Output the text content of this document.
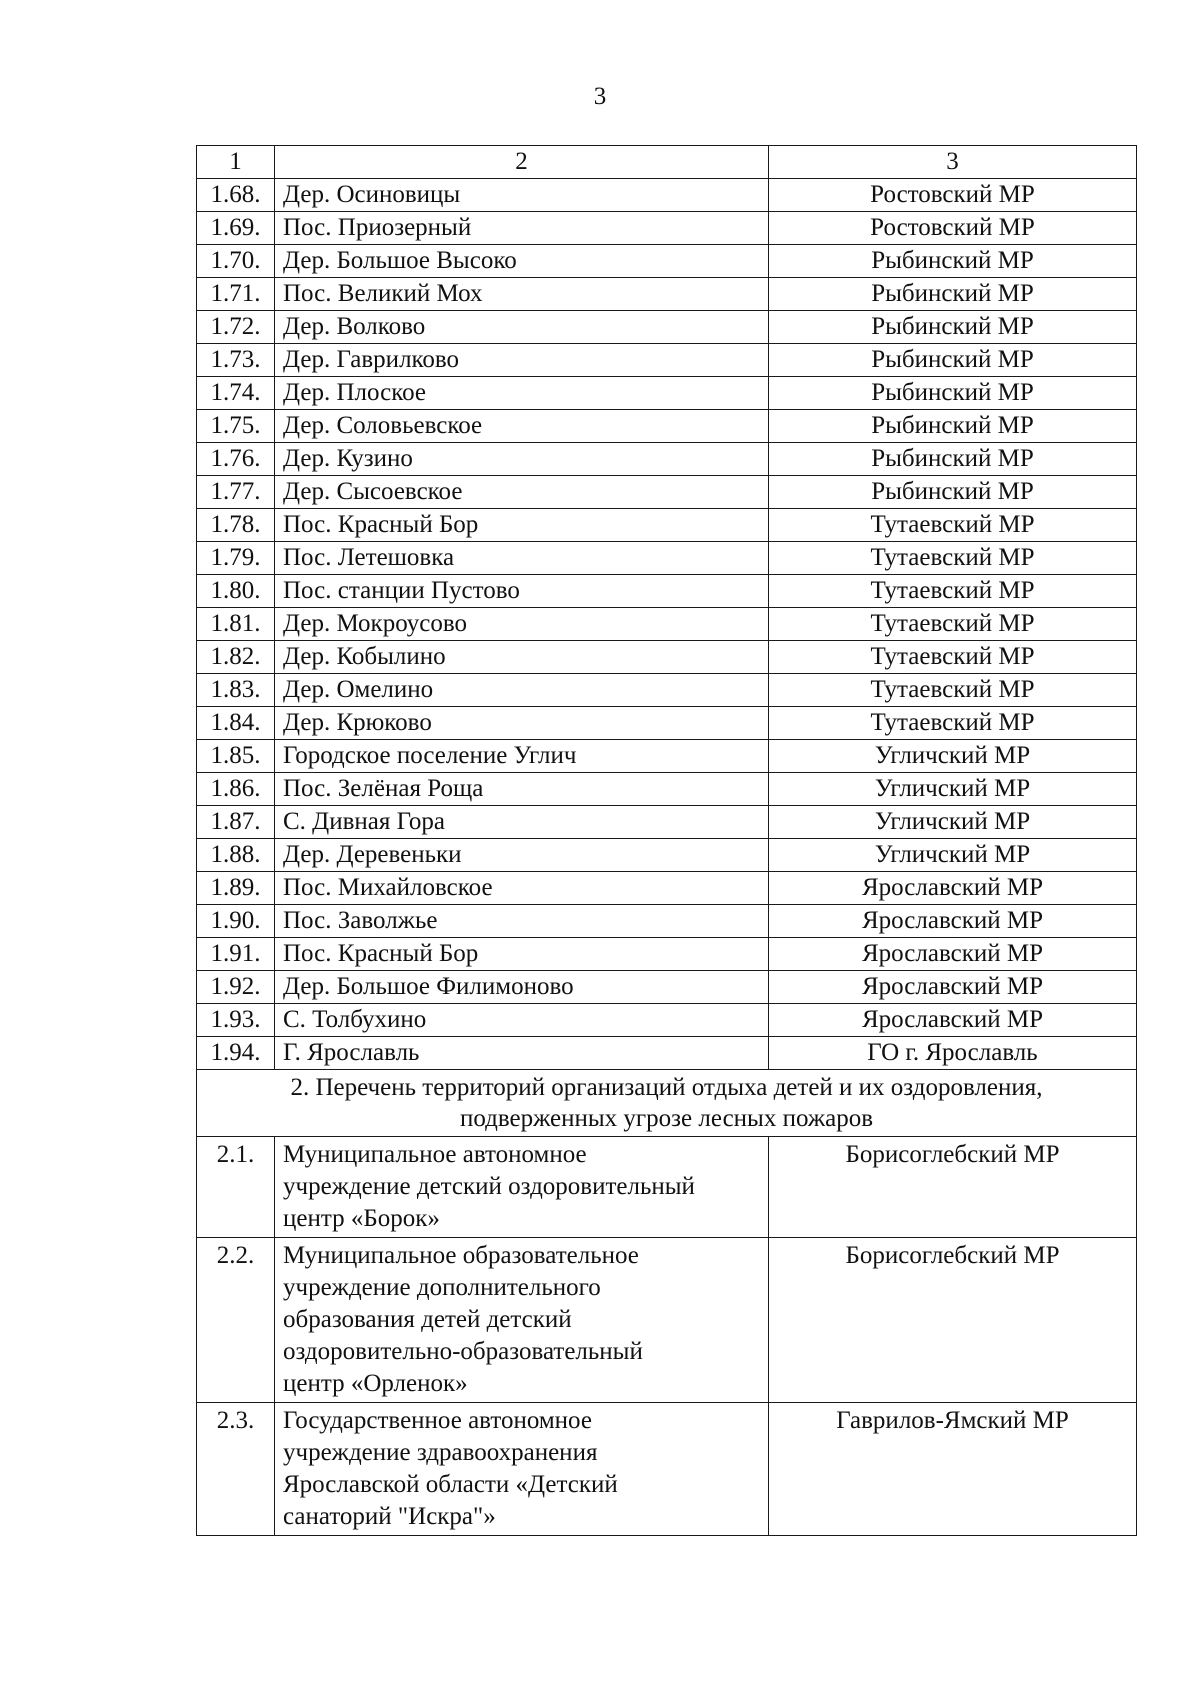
3
1	2	3
1.68.	Дер. Осиновицы	Ростовский МР
1.69.	Пос. Приозерный	Ростовский МР
1.70.	Дер. Большое Высоко	Рыбинский МР
1.71.	Пос. Великий Мох	Рыбинский МР
1.72.	Дер. Волково	Рыбинский МР
1.73.	Дер. Гаврилково	Рыбинский МР
1.74.	Дер. Плоское	Рыбинский МР
1.75.	Дер. Соловьевское	Рыбинский МР
1.76.	Дер. Кузино	Рыбинский МР
1.77.	Дер. Сысоевское	Рыбинский МР
1.78.	Пос. Красный Бор	Тутаевский МР
1.79.	Пос. Летешовка	Тутаевский МР
1.80.	Пос. станции Пустово	Тутаевский МР
1.81.	Дер. Мокроусово	Тутаевский МР
1.82.	Дер. Кобылино	Тутаевский МР
1.83.	Дер. Омелино	Тутаевский МР
1.84.	Дер. Крюково	Тутаевский МР
1.85.	Городское поселение Углич	Угличский МР
1.86.	Пос. Зелёная Роща	Угличский МР
1.87.	С. Дивная Гора	Угличский МР
1.88.	Дер. Деревеньки	Угличский МР
1.89.	Пос. Михайловское	Ярославский МР
1.90.	Пос. Заволжье	Ярославский МР
1.91.	Пос. Красный Бор	Ярославский МР
1.92.	Дер. Большое Филимоново	Ярославский МР
1.93.	С. Толбухино	Ярославский МР
1.94.	Г. Ярославль	ГО г. Ярославль

2. Перечень территорий организаций отдыха детей и их оздоровления,
подверженных угрозе лесных пожаров		

2.1.	Муниципальное автономное
учреждение детский оздоровительный
центр «Борок»	Борисоглебский МР
2.2.	Муниципальное образовательное
учреждение дополнительного
образования детей детский
оздоровительно-образовательный
центр «Орленок»	Борисоглебский МР
2.3.	Государственное автономное
учреждение здравоохранения
Ярославской области «Детский
санаторий "Искра"»	Гаврилов-Ямский МР
